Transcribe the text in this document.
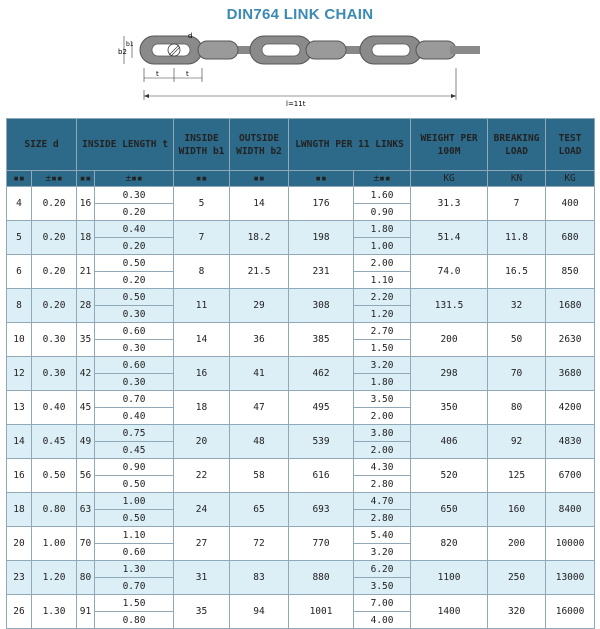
DIN764 LINK CHAIN
b2
b1
d
t	t
l=11t
SIZE d		INSIDE LENGTH t		INSIDE WIDTH b1	OUTSIDE WIDTH b2	LWNGTH PER 11 LINKS		WEIGHT PER 100M	BREAKING LOAD	TEST LOAD
▪▪	±▪▪	▪▪	±▪▪	▪▪	▪▪	▪▪	±▪▪	KG	KN	KG
4	0.20	16	0.30	5	14	176	1.60	31.3	7	400
			0.20				0.90			
5	0.20	18	0.40	7	18.2	198	1.80	51.4	11.8	680
			0.20				1.00			
6	0.20	21	0.50	8	21.5	231	2.00	74.0	16.5	850
			0.20				1.10			
8	0.20	28	0.50	11	29	308	2.20	131.5	32	1680
			0.30				1.20			
10	0.30	35	0.60	14	36	385	2.70	200	50	2630
			0.30				1.50			
12	0.30	42	0.60	16	41	462	3.20	298	70	3680
			0.30				1.80			
13	0.40	45	0.70	18	47	495	3.50	350	80	4200
			0.40				2.00			
14	0.45	49	0.75	20	48	539	3.80	406	92	4830
			0.45				2.00			
16	0.50	56	0.90	22	58	616	4.30	520	125	6700
			0.50				2.80			
18	0.80	63	1.00	24	65	693	4.70	650	160	8400
			0.50				2.80			
20	1.00	70	1.10	27	72	770	5.40	820	200	10000
			0.60				3.20			
23	1.20	80	1.30	31	83	880	6.20	1100	250	13000
			0.70				3.50			
26	1.30	91	1.50	35	94	1001	7.00	1400	320	16000
			0.80				4.00			
